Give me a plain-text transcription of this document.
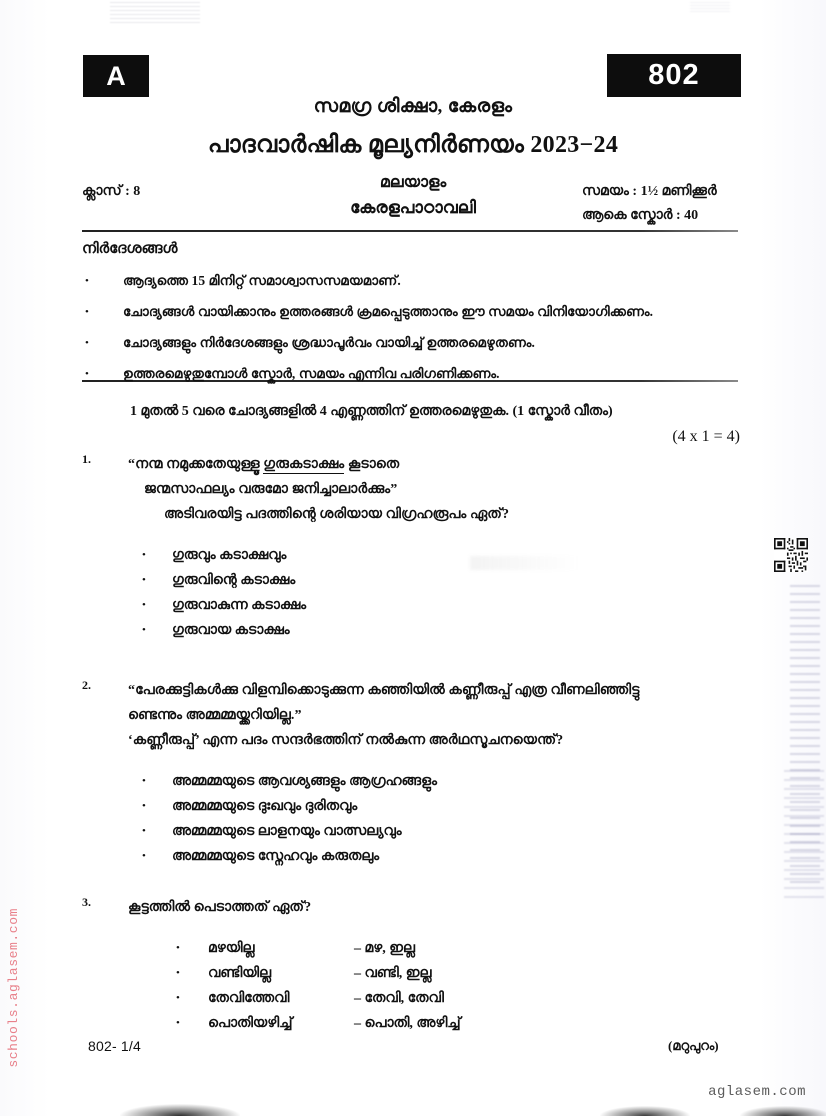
A	802
സമഗ്ര ശിക്ഷാ, കേരളം
പാദവാർഷിക മൂല്യനിർണയം 2023−24
മലയാളം
കേരളപാഠാവലി
ക്ലാസ് : 8	സമയം : 1½ മണിക്കൂർ
ആകെ സ്കോർ : 40
നിർദേശങ്ങൾ
•	ആദ്യത്തെ 15 മിനിറ്റ് സമാശ്വാസസമയമാണ്.
•	ചോദ്യങ്ങൾ വായിക്കാനും ഉത്തരങ്ങൾ ക്രമപ്പെടുത്താനും ഈ സമയം വിനിയോഗിക്കണം.
•	ചോദ്യങ്ങളും നിർദേശങ്ങളും ശ്രദ്ധാപൂർവം വായിച്ച് ഉത്തരമെഴുതണം.
•	ഉത്തരമെഴുതുമ്പോൾ സ്കോർ, സമയം എന്നിവ പരിഗണിക്കണം.
1 മുതൽ 5 വരെ ചോദ്യങ്ങളിൽ 4 എണ്ണത്തിന് ഉത്തരമെഴുതുക. (1 സ്കോർ വീതം)
(4 x 1 = 4)
1.	“നന്മ നമുക്കതേയുള്ളൂ ഗുരുകടാക്ഷം കൂടാതെ
ജന്മസാഫല്യം വരുമോ ജനിച്ചാലാർക്കും”
അടിവരയിട്ട പദത്തിന്റെ ശരിയായ വിഗ്രഹരൂപം ഏത്?
•	ഗുരുവും കടാക്ഷവും
•	ഗുരുവിന്റെ കടാക്ഷം
•	ഗുരുവാകുന്ന കടാക്ഷം
•	ഗുരുവായ കടാക്ഷം
2.	“പേരക്കുട്ടികൾക്കു വിളമ്പിക്കൊടുക്കുന്ന കഞ്ഞിയിൽ കണ്ണീരുപ്പ് എത്ര വീണലിഞ്ഞിട്ടു
ണ്ടെന്നും അമ്മമ്മയ്ക്കറിയില്ല.”
‘കണ്ണീരുപ്പ്’ എന്ന പദം സന്ദർഭത്തിന് നൽകുന്ന അർഥസൂചനയെന്ത്?
•	അമ്മമ്മയുടെ ആവശ്യങ്ങളും ആഗ്രഹങ്ങളും
•	അമ്മമ്മയുടെ ദുഃഖവും ദുരിതവും
•	അമ്മമ്മയുടെ ലാളനയും വാത്സല്യവും
•	അമ്മമ്മയുടെ സ്നേഹവും കരുതലും
3.	കൂട്ടത്തിൽ പെടാത്തത് ഏത്?
•	മഴയില്ല	– മഴ, ഇല്ല
•	വണ്ടിയില്ല	– വണ്ടി, ഇല്ല
•	തേവിത്തേവി	– തേവി, തേവി
•	പൊതിയഴിച്ച്	– പൊതി, അഴിച്ച്
802- 1/4	(മറുപുറം)
schools.aglasem.com
aglasem.com
